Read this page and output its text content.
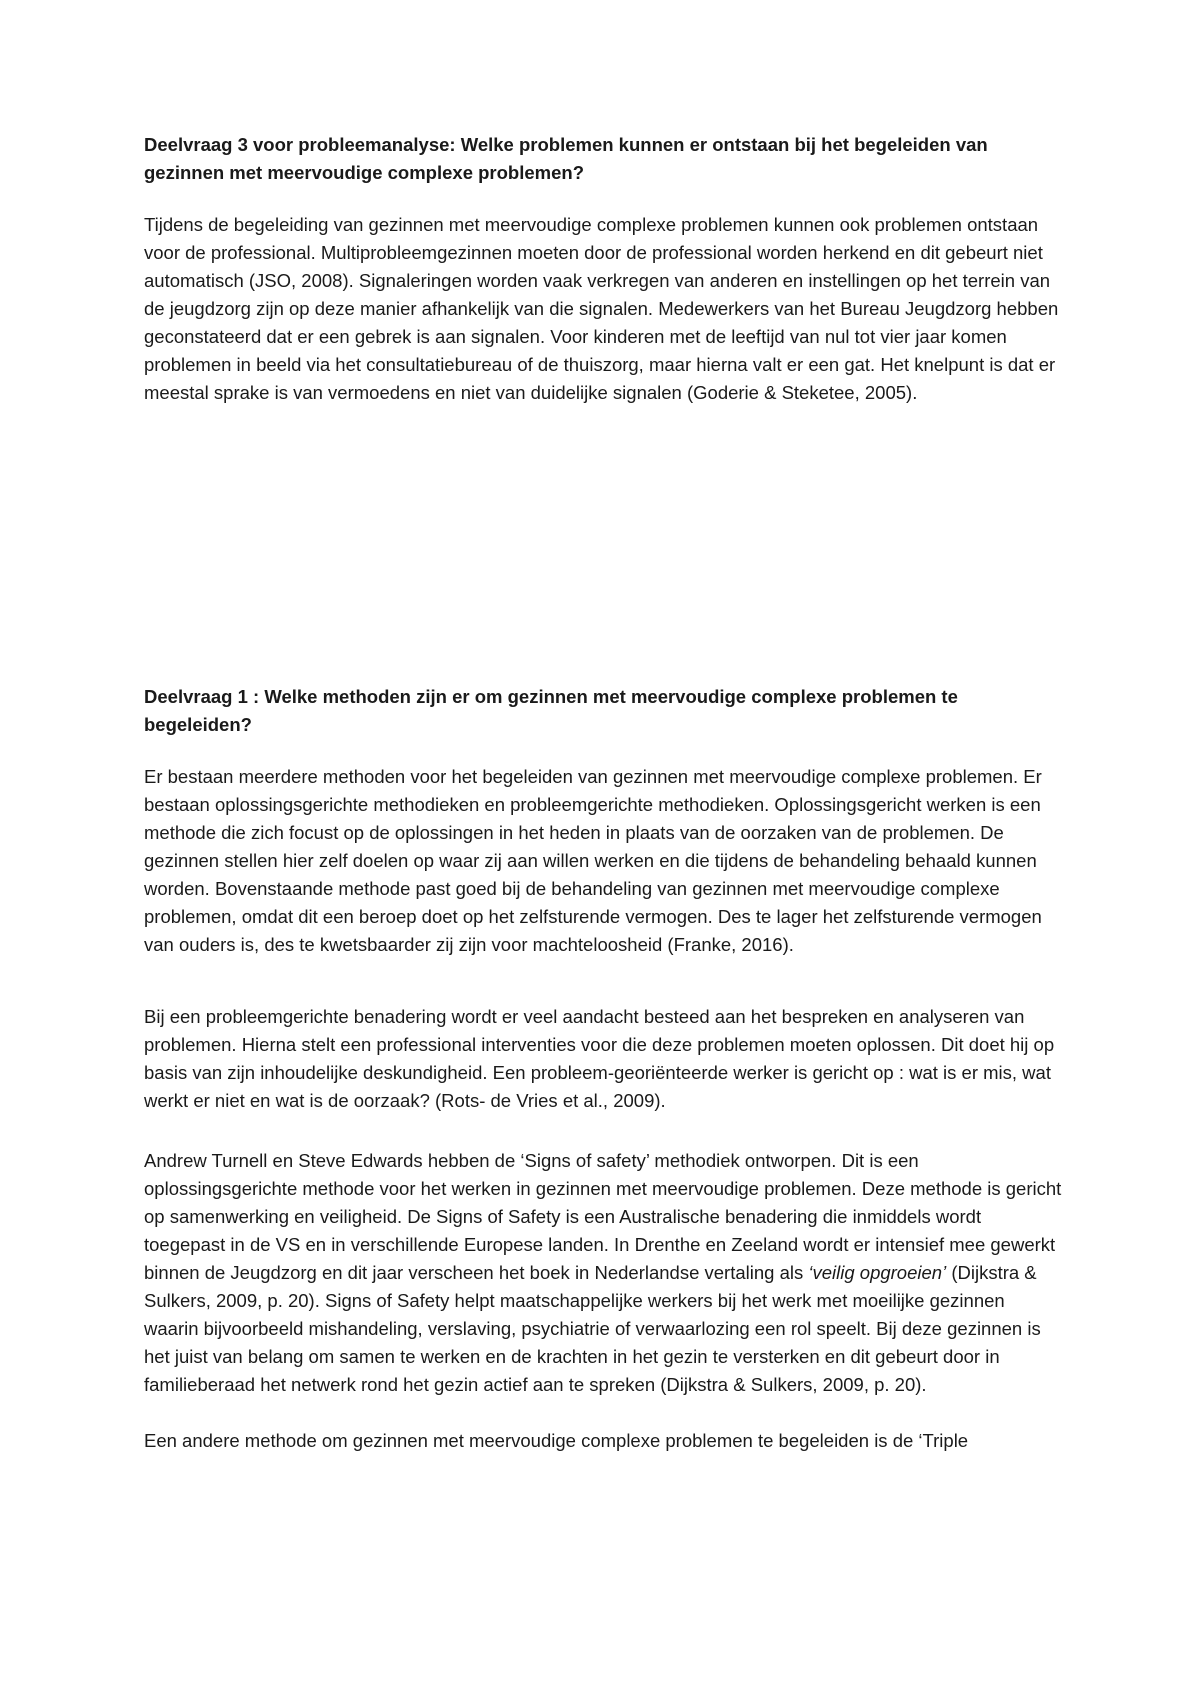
Deelvraag 3 voor probleemanalyse: Welke problemen kunnen er ontstaan bij het begeleiden van gezinnen met meervoudige complexe problemen?
Tijdens de begeleiding van gezinnen met meervoudige complexe problemen kunnen ook problemen ontstaan voor de professional. Multiprobleemgezinnen moeten door de professional worden herkend en dit gebeurt niet automatisch (JSO, 2008). Signaleringen worden vaak verkregen van anderen en instellingen op het terrein van de jeugdzorg zijn op deze manier afhankelijk van die signalen. Medewerkers van het Bureau Jeugdzorg hebben geconstateerd dat er een gebrek is aan signalen. Voor kinderen met de leeftijd van nul tot vier jaar komen problemen in beeld via het consultatiebureau of de thuiszorg, maar hierna valt er een gat. Het knelpunt is dat er meestal sprake is van vermoedens en niet van duidelijke signalen (Goderie & Steketee, 2005).
Deelvraag 1 : Welke methoden zijn er om gezinnen met meervoudige complexe problemen te begeleiden?
Er bestaan meerdere methoden voor het begeleiden van gezinnen met meervoudige complexe problemen. Er bestaan oplossingsgerichte methodieken en probleemgerichte methodieken. Oplossingsgericht werken is een methode die zich focust op de oplossingen in het heden in plaats van de oorzaken van de problemen. De gezinnen stellen hier zelf doelen op waar zij aan willen werken en die tijdens de behandeling behaald kunnen worden. Bovenstaande methode past goed bij de behandeling van gezinnen met meervoudige complexe problemen, omdat dit een beroep doet op het zelfsturende vermogen. Des te lager het zelfsturende vermogen van ouders is, des te kwetsbaarder zij zijn voor machteloosheid (Franke, 2016).
Bij een probleemgerichte benadering wordt er veel aandacht besteed aan het bespreken en analyseren van problemen. Hierna stelt een professional interventies voor die deze problemen moeten oplossen. Dit doet hij op basis van zijn inhoudelijke deskundigheid. Een probleem-georiënteerde werker is gericht op : wat is er mis, wat werkt er niet en wat is de oorzaak? (Rots- de Vries et al., 2009).
Andrew Turnell en Steve Edwards hebben de ‘Signs of safety’ methodiek ontworpen. Dit is een oplossingsgerichte methode voor het werken in gezinnen met meervoudige problemen. Deze methode is gericht op samenwerking en veiligheid. De Signs of Safety is een Australische benadering die inmiddels wordt toegepast in de VS en in verschillende Europese landen. In Drenthe en Zeeland wordt er intensief mee gewerkt binnen de Jeugdzorg en dit jaar verscheen het boek in Nederlandse vertaling als ‘veilig opgroeien’ (Dijkstra & Sulkers, 2009, p. 20). Signs of Safety helpt maatschappelijke werkers bij het werk met moeilijke gezinnen waarin bijvoorbeeld mishandeling, verslaving, psychiatrie of verwaarlozing een rol speelt. Bij deze gezinnen is het juist van belang om samen te werken en de krachten in het gezin te versterken en dit gebeurt door in familieberaad het netwerk rond het gezin actief aan te spreken (Dijkstra & Sulkers, 2009, p. 20).
Een andere methode om gezinnen met meervoudige complexe problemen te begeleiden is de ‘Triple
